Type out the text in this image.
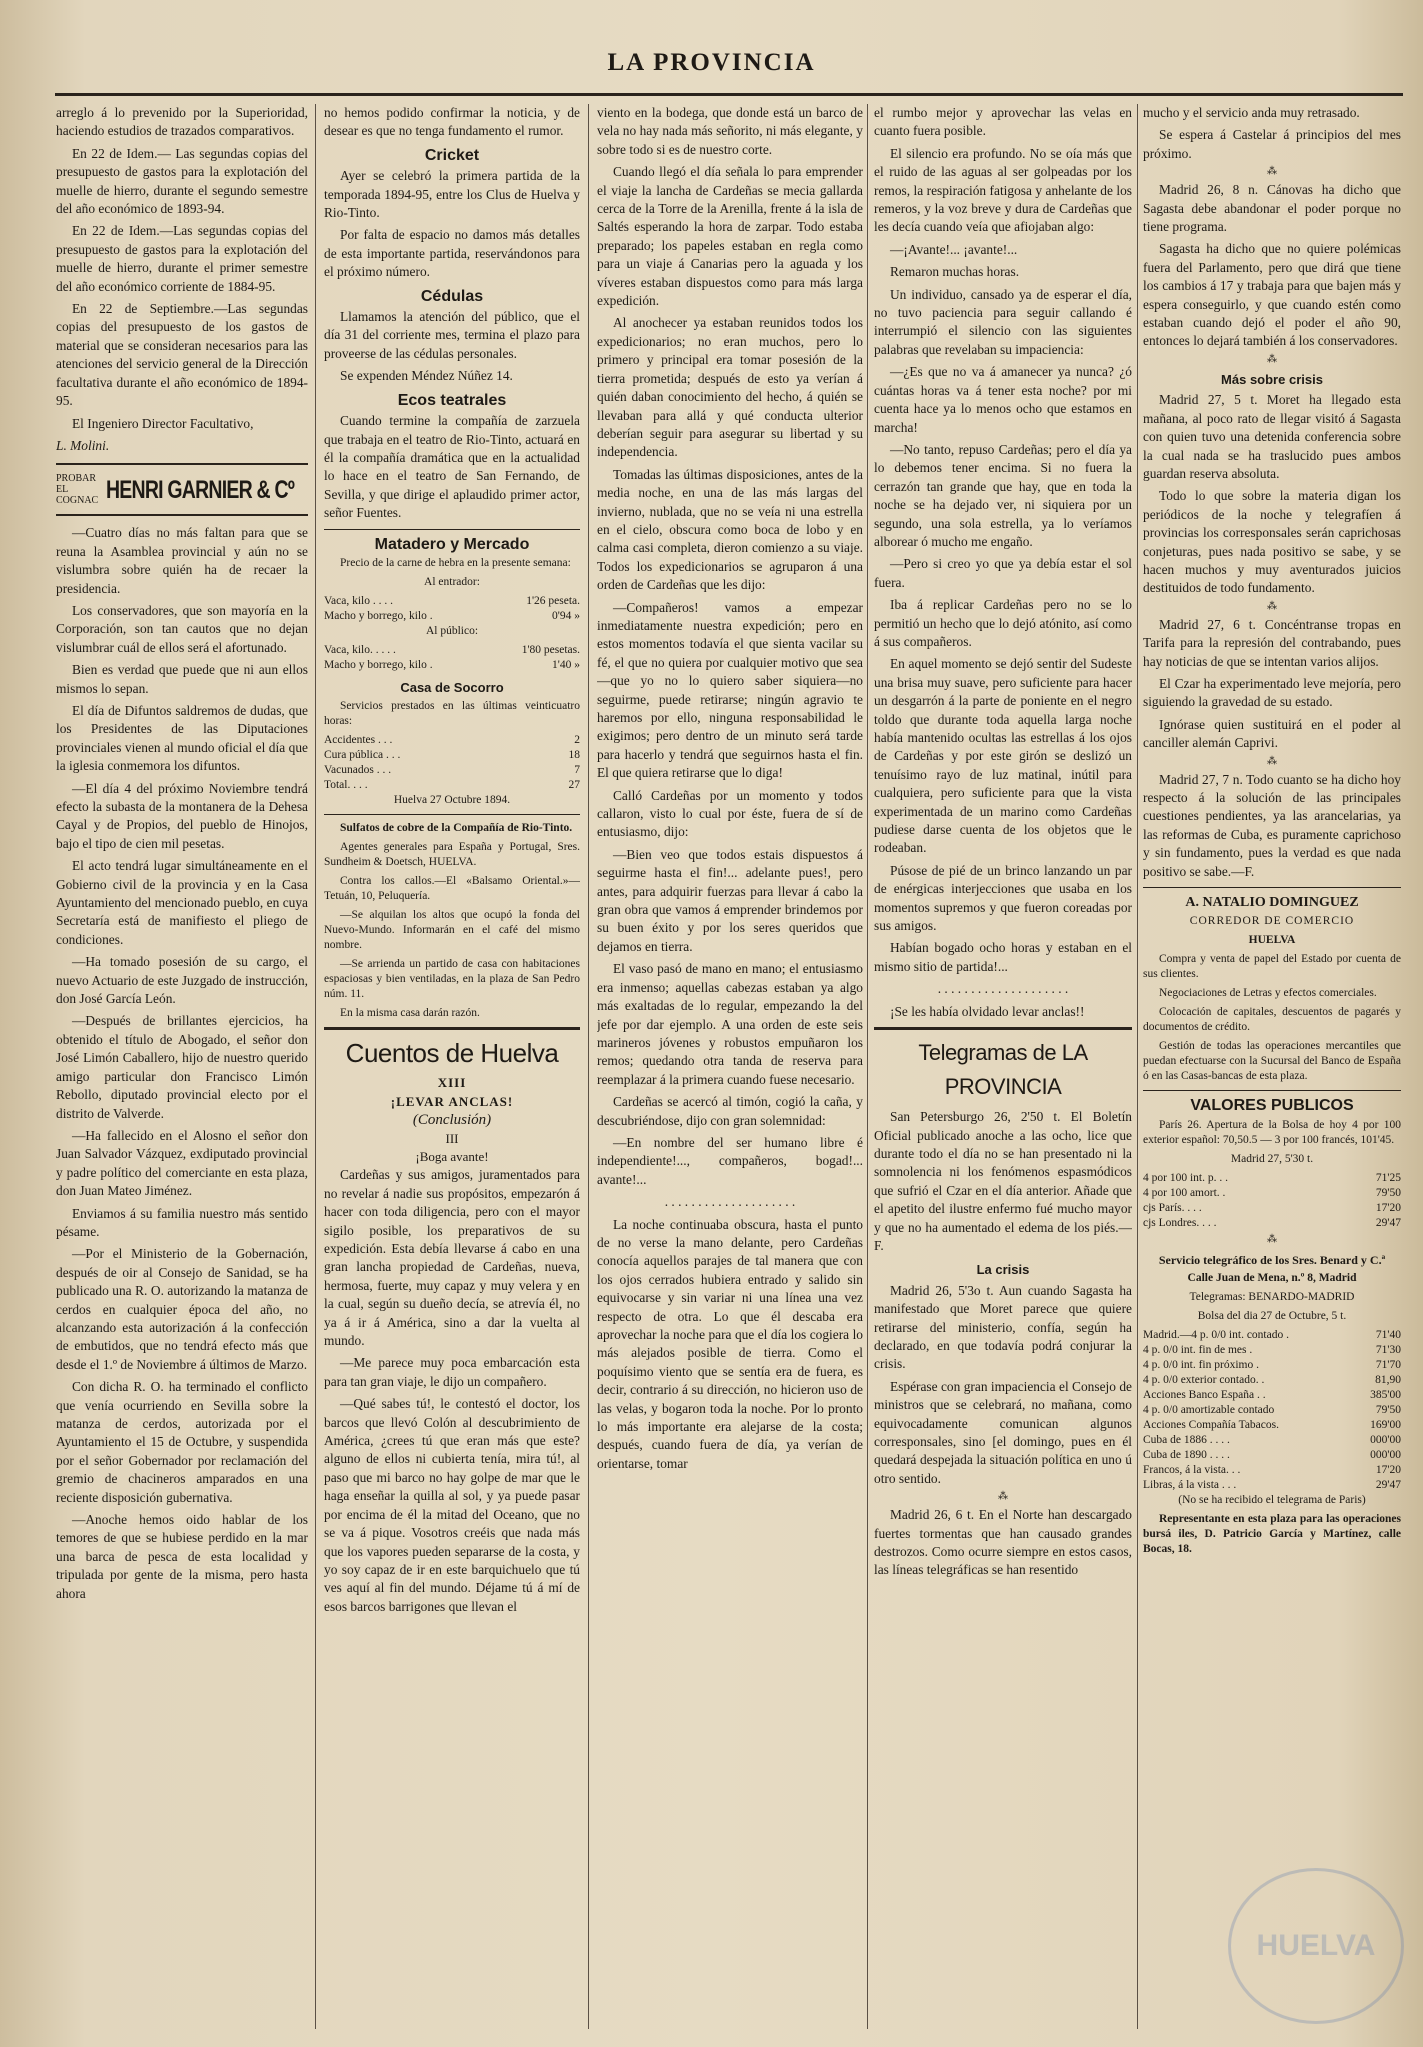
LA PROVINCIA

arreglo á lo prevenido por la Superioridad, haciendo estudios de trazados comparativos.

En 22 de Idem.— Las segundas copias del presupuesto de gastos para la explotación del muelle de hierro, durante el segundo semestre del año económico de 1893-94.

En 22 de Idem.—Las segundas copias del presupuesto de gastos para la explotación del muelle de hierro, durante el primer semestre del año económico corriente de 1884-95.

En 22 de Septiembre.—Las segundas copias del presupuesto de los gastos de material que se consideran necesarios para las atenciones del servicio general de la Dirección facultativa durante el año económico de 1894-95.

El Ingeniero Director Facultativo,

L. Molini.

PROBAR EL COGNAC HENRI GARNIER & Cº

—Cuatro días no más faltan para que se reuna la Asamblea provincial y aún no se vislumbra sobre quién ha de recaer la presidencia.

Los conservadores, que son mayoría en la Corporación, son tan cautos que no dejan vislumbrar cuál de ellos será el afortunado.

Bien es verdad que puede que ni aun ellos mismos lo sepan.

El día de Difuntos saldremos de dudas, que los Presidentes de las Diputaciones provinciales vienen al mundo oficial el día que la iglesia conmemora los difuntos.

—El día 4 del próximo Noviembre tendrá efecto la subasta de la montanera de la Dehesa Cayal y de Propios, del pueblo de Hinojos, bajo el tipo de cien mil pesetas.

El acto tendrá lugar simultáneamente en el Gobierno civil de la provincia y en la Casa Ayuntamiento del mencionado pueblo, en cuya Secretaría está de manifiesto el pliego de condiciones.

—Ha tomado posesión de su cargo, el nuevo Actuario de este Juzgado de instrucción, don José García León.

—Después de brillantes ejercicios, ha obtenido el título de Abogado, el señor don José Limón Caballero, hijo de nuestro querido amigo particular don Francisco Limón Rebollo, diputado provincial electo por el distrito de Valverde.

—Ha fallecido en el Alosno el señor don Juan Salvador Vázquez, exdiputado provincial y padre político del comerciante en esta plaza, don Juan Mateo Jiménez.

Enviamos á su familia nuestro más sentido pésame.

—Por el Ministerio de la Gobernación, después de oir al Consejo de Sanidad, se ha publicado una R. O. autorizando la matanza de cerdos en cualquier época del año, no alcanzando esta autorización á la confección de embutidos, que no tendrá efecto más que desde el 1.º de Noviembre á últimos de Marzo.

Con dicha R. O. ha terminado el conflicto que venía ocurriendo en Sevilla sobre la matanza de cerdos, autorizada por el Ayuntamiento el 15 de Octubre, y suspendida por el señor Gobernador por reclamación del gremio de chacineros amparados en una reciente disposición gubernativa.

—Anoche hemos oido hablar de los temores de que se hubiese perdido en la mar una barca de pesca de esta localidad y tripulada por gente de la misma, pero hasta ahora

no hemos podido confirmar la noticia, y de desear es que no tenga fundamento el rumor.

Cricket

Ayer se celebró la primera partida de la temporada 1894-95, entre los Clus de Huelva y Rio-Tinto.

Por falta de espacio no damos más detalles de esta importante partida, reservándonos para el próximo número.

Cédulas

Llamamos la atención del público, que el día 31 del corriente mes, termina el plazo para proveerse de las cédulas personales.

Se expenden Méndez Núñez 14.

Ecos teatrales

Cuando termine la compañía de zarzuela que trabaja en el teatro de Rio-Tinto, actuará en él la compañía dramática que en la actualidad lo hace en el teatro de San Fernando, de Sevilla, y que dirige el aplaudido primer actor, señor Fuentes.

Matadero y Mercado

Precio de la carne de hebra en la presente semana:

Al entrador:

Vaca, kilo . . . .	1'26 peseta.
Macho y borrego, kilo .	0'94 »

Al público:

Vaca, kilo. . . . .	1'80 pesetas.
Macho y borrego, kilo .	1'40 »
Casa de Socorro

Servicios prestados en las últimas veinticuatro horas:

Accidentes . . .	2
Cura pública . . .	18
Vacunados . . .	7
Total. . . .	27

Huelva 27 Octubre 1894.

Sulfatos de cobre de la Compañía de Rio-Tinto.

Agentes generales para España y Portugal, Sres. Sundheim & Doetsch, HUELVA.

Contra los callos.—El «Balsamo Oriental.»—Tetuán, 10, Peluquería.

—Se alquilan los altos que ocupó la fonda del Nuevo-Mundo. Informarán en el café del mismo nombre.

—Se arrienda un partido de casa con habitaciones espaciosas y bien ventiladas, en la plaza de San Pedro núm. 11.

En la misma casa darán razón.

Cuentos de Huelva

XIII

¡LEVAR ANCLAS!

(Conclusión)

III

¡Boga avante!

Cardeñas y sus amigos, juramentados para no revelar á nadie sus propósitos, empezarón á hacer con toda diligencia, pero con el mayor sigilo posible, los preparativos de su expedición. Esta debía llevarse á cabo en una gran lancha propiedad de Cardeñas, nueva, hermosa, fuerte, muy capaz y muy velera y en la cual, según su dueño decía, se atrevía él, no ya á ir á América, sino a dar la vuelta al mundo.

—Me parece muy poca embarcación esta para tan gran viaje, le dijo un compañero.

—Qué sabes tú!, le contestó el doctor, los barcos que llevó Colón al descubrimiento de América, ¿crees tú que eran más que este? alguno de ellos ni cubierta tenía, mira tú!, al paso que mi barco no hay golpe de mar que le haga enseñar la quilla al sol, y ya puede pasar por encima de él la mitad del Oceano, que no se va á pique. Vosotros creéis que nada más que los vapores pueden separarse de la costa, y yo soy capaz de ir en este barquichuelo que tú ves aquí al fin del mundo. Déjame tú á mí de esos barcos barrigones que llevan el

viento en la bodega, que donde está un barco de vela no hay nada más señorito, ni más elegante, y sobre todo si es de nuestro corte.

Cuando llegó el día señala lo para emprender el viaje la lancha de Cardeñas se mecia gallarda cerca de la Torre de la Arenilla, frente á la isla de Saltés esperando la hora de zarpar. Todo estaba preparado; los papeles estaban en regla como para un viaje á Canarias pero la aguada y los víveres estaban dispuestos como para más larga expedición.

Al anochecer ya estaban reunidos todos los expedicionarios; no eran muchos, pero lo primero y principal era tomar posesión de la tierra prometida; después de esto ya verían á quién daban conocimiento del hecho, á quién se llevaban para allá y qué conducta ulterior deberían seguir para asegurar su libertad y su independencia.

Tomadas las últimas disposiciones, antes de la media noche, en una de las más largas del invierno, nublada, que no se veía ni una estrella en el cielo, obscura como boca de lobo y en calma casi completa, dieron comienzo a su viaje. Todos los expedicionarios se agruparon á una orden de Cardeñas que les dijo:

—Compañeros! vamos a empezar inmediatamente nuestra expedición; pero en estos momentos todavía el que sienta vacilar su fé, el que no quiera por cualquier motivo que sea—que yo no lo quiero saber siquiera—no seguirme, puede retirarse; ningún agravio te haremos por ello, ninguna responsabilidad le exigimos; pero dentro de un minuto será tarde para hacerlo y tendrá que seguirnos hasta el fin. El que quiera retirarse que lo diga!

Calló Cardeñas por un momento y todos callaron, visto lo cual por éste, fuera de sí de entusiasmo, dijo:

—Bien veo que todos estais dispuestos á seguirme hasta el fin!... adelante pues!, pero antes, para adquirir fuerzas para llevar á cabo la gran obra que vamos á emprender brindemos por su buen éxito y por los seres queridos que dejamos en tierra.

El vaso pasó de mano en mano; el entusiasmo era inmenso; aquellas cabezas estaban ya algo más exaltadas de lo regular, empezando la del jefe por dar ejemplo. A una orden de este seis marineros jóvenes y robustos empuñaron los remos; quedando otra tanda de reserva para reemplazar á la primera cuando fuese necesario.

Cardeñas se acercó al timón, cogió la caña, y descubriéndose, dijo con gran solemnidad:

—En nombre del ser humano libre é independiente!..., compañeros, bogad!... avante!...

. . . . . . . . . . . . . . . . . . . .

La noche continuaba obscura, hasta el punto de no verse la mano delante, pero Cardeñas conocía aquellos parajes de tal manera que con los ojos cerrados hubiera entrado y salido sin equivocarse y sin variar ni una línea una vez respecto de otra. Lo que él descaba era aprovechar la noche para que el día los cogiera lo más alejados posible de tierra. Como el poquísimo viento que se sentía era de fuera, es decir, contrario á su dirección, no hicieron uso de las velas, y bogaron toda la noche. Por lo pronto lo más importante era alejarse de la costa; después, cuando fuera de día, ya verían de orientarse, tomar

el rumbo mejor y aprovechar las velas en cuanto fuera posible.

El silencio era profundo. No se oía más que el ruido de las aguas al ser golpeadas por los remos, la respiración fatigosa y anhelante de los remeros, y la voz breve y dura de Cardeñas que les decía cuando veía que afiojaban algo:

—¡Avante!... ¡avante!...

Remaron muchas horas.

Un individuo, cansado ya de esperar el día, no tuvo paciencia para seguir callando é interrumpió el silencio con las siguientes palabras que revelaban su impaciencia:

—¿Es que no va á amanecer ya nunca? ¿ó cuántas horas va á tener esta noche? por mi cuenta hace ya lo menos ocho que estamos en marcha!

—No tanto, repuso Cardeñas; pero el día ya lo debemos tener encima. Si no fuera la cerrazón tan grande que hay, que en toda la noche se ha dejado ver, ni siquiera por un segundo, una sola estrella, ya lo veríamos alborear ó mucho me engaño.

—Pero si creo yo que ya debía estar el sol fuera.

Iba á replicar Cardeñas pero no se lo permitió un hecho que lo dejó atónito, así como á sus compañeros.

En aquel momento se dejó sentir del Sudeste una brisa muy suave, pero suficiente para hacer un desgarrón á la parte de poniente en el negro toldo que durante toda aquella larga noche había mantenido ocultas las estrellas á los ojos de Cardeñas y por este girón se deslizó un tenuísimo rayo de luz matinal, inútil para cualquiera, pero suficiente para que la vista experimentada de un marino como Cardeñas pudiese darse cuenta de los objetos que le rodeaban.

Púsose de pié de un brinco lanzando un par de enérgicas interjecciones que usaba en los momentos supremos y que fueron coreadas por sus amigos.

Habían bogado ocho horas y estaban en el mismo sitio de partida!...

. . . . . . . . . . . . . . . . . . . .

¡Se les había olvidado levar anclas!!

Telegramas de LA PROVINCIA

San Petersburgo 26, 2'50 t. El Boletín Oficial publicado anoche a las ocho, lice que durante todo el día no se han presentado ni la somnolencia ni los fenómenos espasmódicos que sufrió el Czar en el día anterior. Añade que el apetito del ilustre enfermo fué mucho mayor y que no ha aumentado el edema de los piés.—F.

La crisis

Madrid 26, 5'3o t. Aun cuando Sagasta ha manifestado que Moret parece que quiere retirarse del ministerio, confía, según ha declarado, en que todavía podrá conjurar la crisis.

Espérase con gran impaciencia el Consejo de ministros que se celebrará, no mañana, como equivocadamente comunican algunos corresponsales, sino [el domingo, pues en él quedará despejada la situación política en uno ú otro sentido.

⁂

Madrid 26, 6 t. En el Norte han descargado fuertes tormentas que han causado grandes destrozos. Como ocurre siempre en estos casos, las líneas telegráficas se han resentido

mucho y el servicio anda muy retrasado.

Se espera á Castelar á principios del mes próximo.

⁂

Madrid 26, 8 n. Cánovas ha dicho que Sagasta debe abandonar el poder porque no tiene programa.

Sagasta ha dicho que no quiere polémicas fuera del Parlamento, pero que dirá que tiene los cambios á 17 y trabaja para que bajen más y espera conseguirlo, y que cuando estén como estaban cuando dejó el poder el año 90, entonces lo dejará también á los conservadores.

⁂
Más sobre crisis

Madrid 27, 5 t. Moret ha llegado esta mañana, al poco rato de llegar visitó á Sagasta con quien tuvo una detenida conferencia sobre la cual nada se ha traslucido pues ambos guardan reserva absoluta.

Todo lo que sobre la materia digan los periódicos de la noche y telegrafíen á provincias los corresponsales serán caprichosas conjeturas, pues nada positivo se sabe, y se hacen muchos y muy aventurados juicios destituidos de todo fundamento.

⁂

Madrid 27, 6 t. Concéntranse tropas en Tarifa para la represión del contrabando, pues hay noticias de que se intentan varios alijos.

El Czar ha experimentado leve mejoría, pero siguiendo la gravedad de su estado.

Ignórase quien sustituirá en el poder al canciller alemán Caprivi.

⁂

Madrid 27, 7 n. Todo cuanto se ha dicho hoy respecto á la solución de las principales cuestiones pendientes, ya las arancelarias, ya las reformas de Cuba, es puramente caprichoso y sin fundamento, pues la verdad es que nada positivo se sabe.—F.

A. NATALIO DOMINGUEZ

CORREDOR DE COMERCIO

HUELVA

Compra y venta de papel del Estado por cuenta de sus clientes.

Negociaciones de Letras y efectos comerciales.

Colocación de capitales, descuentos de pagarés y documentos de crédito.

Gestión de todas las operaciones mercantiles que puedan efectuarse con la Sucursal del Banco de España ó en las Casas-bancas de esta plaza.

VALORES PUBLICOS

París 26. Apertura de la Bolsa de hoy 4 por 100 exterior español: 70,50.5 — 3 por 100 francés, 101'45.

Madrid 27, 5'30 t.

4 por 100 int. p. . .	71'25
4 por 100 amort. .	79'50
cjs París. . . .	17'20
cjs Londres. . . .	29'47
⁂
Servicio telegráfico de los Sres. Benard y C.ª

Calle Juan de Mena, n.º 8, Madrid

Telegramas: BENARDO-MADRID

Bolsa del dia 27 de Octubre, 5 t.

Madrid.—4 p. 0/0 int. contado .	71'40
4 p. 0/0 int. fin de mes .	71'30
4 p. 0/0 int. fin próximo .	71'70
4 p. 0/0 exterior contado. .	81,90
Acciones Banco España . .	385'00
4 p. 0/0 amortizable contado	79'50
Acciones Compañía Tabacos.	169'00
Cuba de 1886 . . . .	000'00
Cuba de 1890 . . . .	000'00
Francos, á la vista. . .	17'20
Libras, á la vista . . .	29'47

(No se ha recibido el telegrama de Paris)

Representante en esta plaza para las operaciones bursá iles, D. Patricio García y Martínez, calle Bocas, 18.

HUELVA
